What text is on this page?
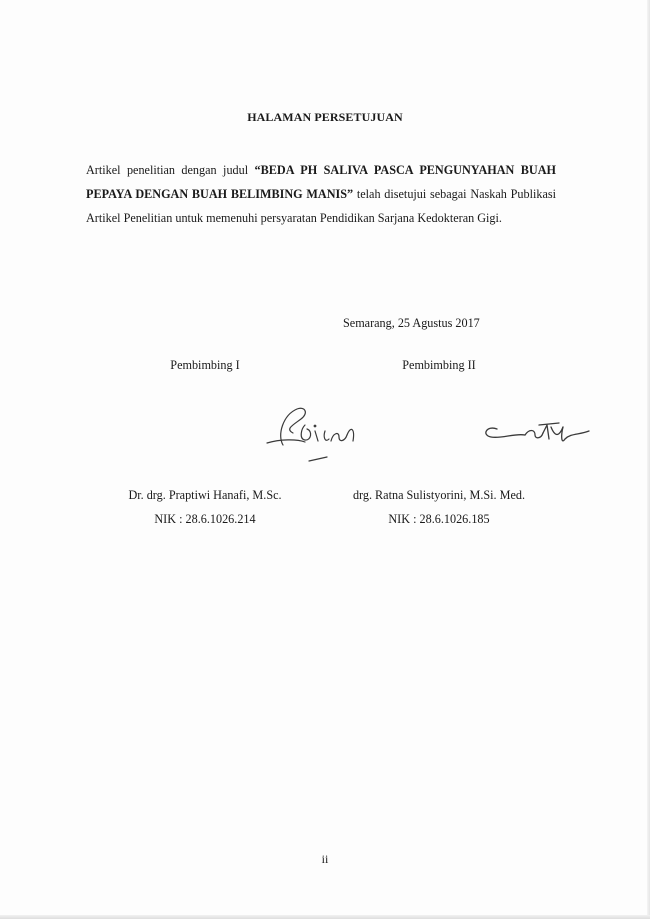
HALAMAN PERSETUJUAN

Artikel penelitian dengan judul “BEDA PH SALIVA PASCA PENGUNYAHAN BUAH PEPAYA DENGAN BUAH BELIMBING MANIS” telah disetujui sebagai Naskah Publikasi Artikel Penelitian untuk memenuhi persyaratan Pendidikan Sarjana Kedokteran Gigi.

Semarang, 25 Agustus 2017
Pembimbing I
Dr. drg. Praptiwi Hanafi, M.Sc.
NIK : 28.6.1026.214
Pembimbing II
drg. Ratna Sulistyorini, M.Si. Med.
NIK : 28.6.1026.185
ii
